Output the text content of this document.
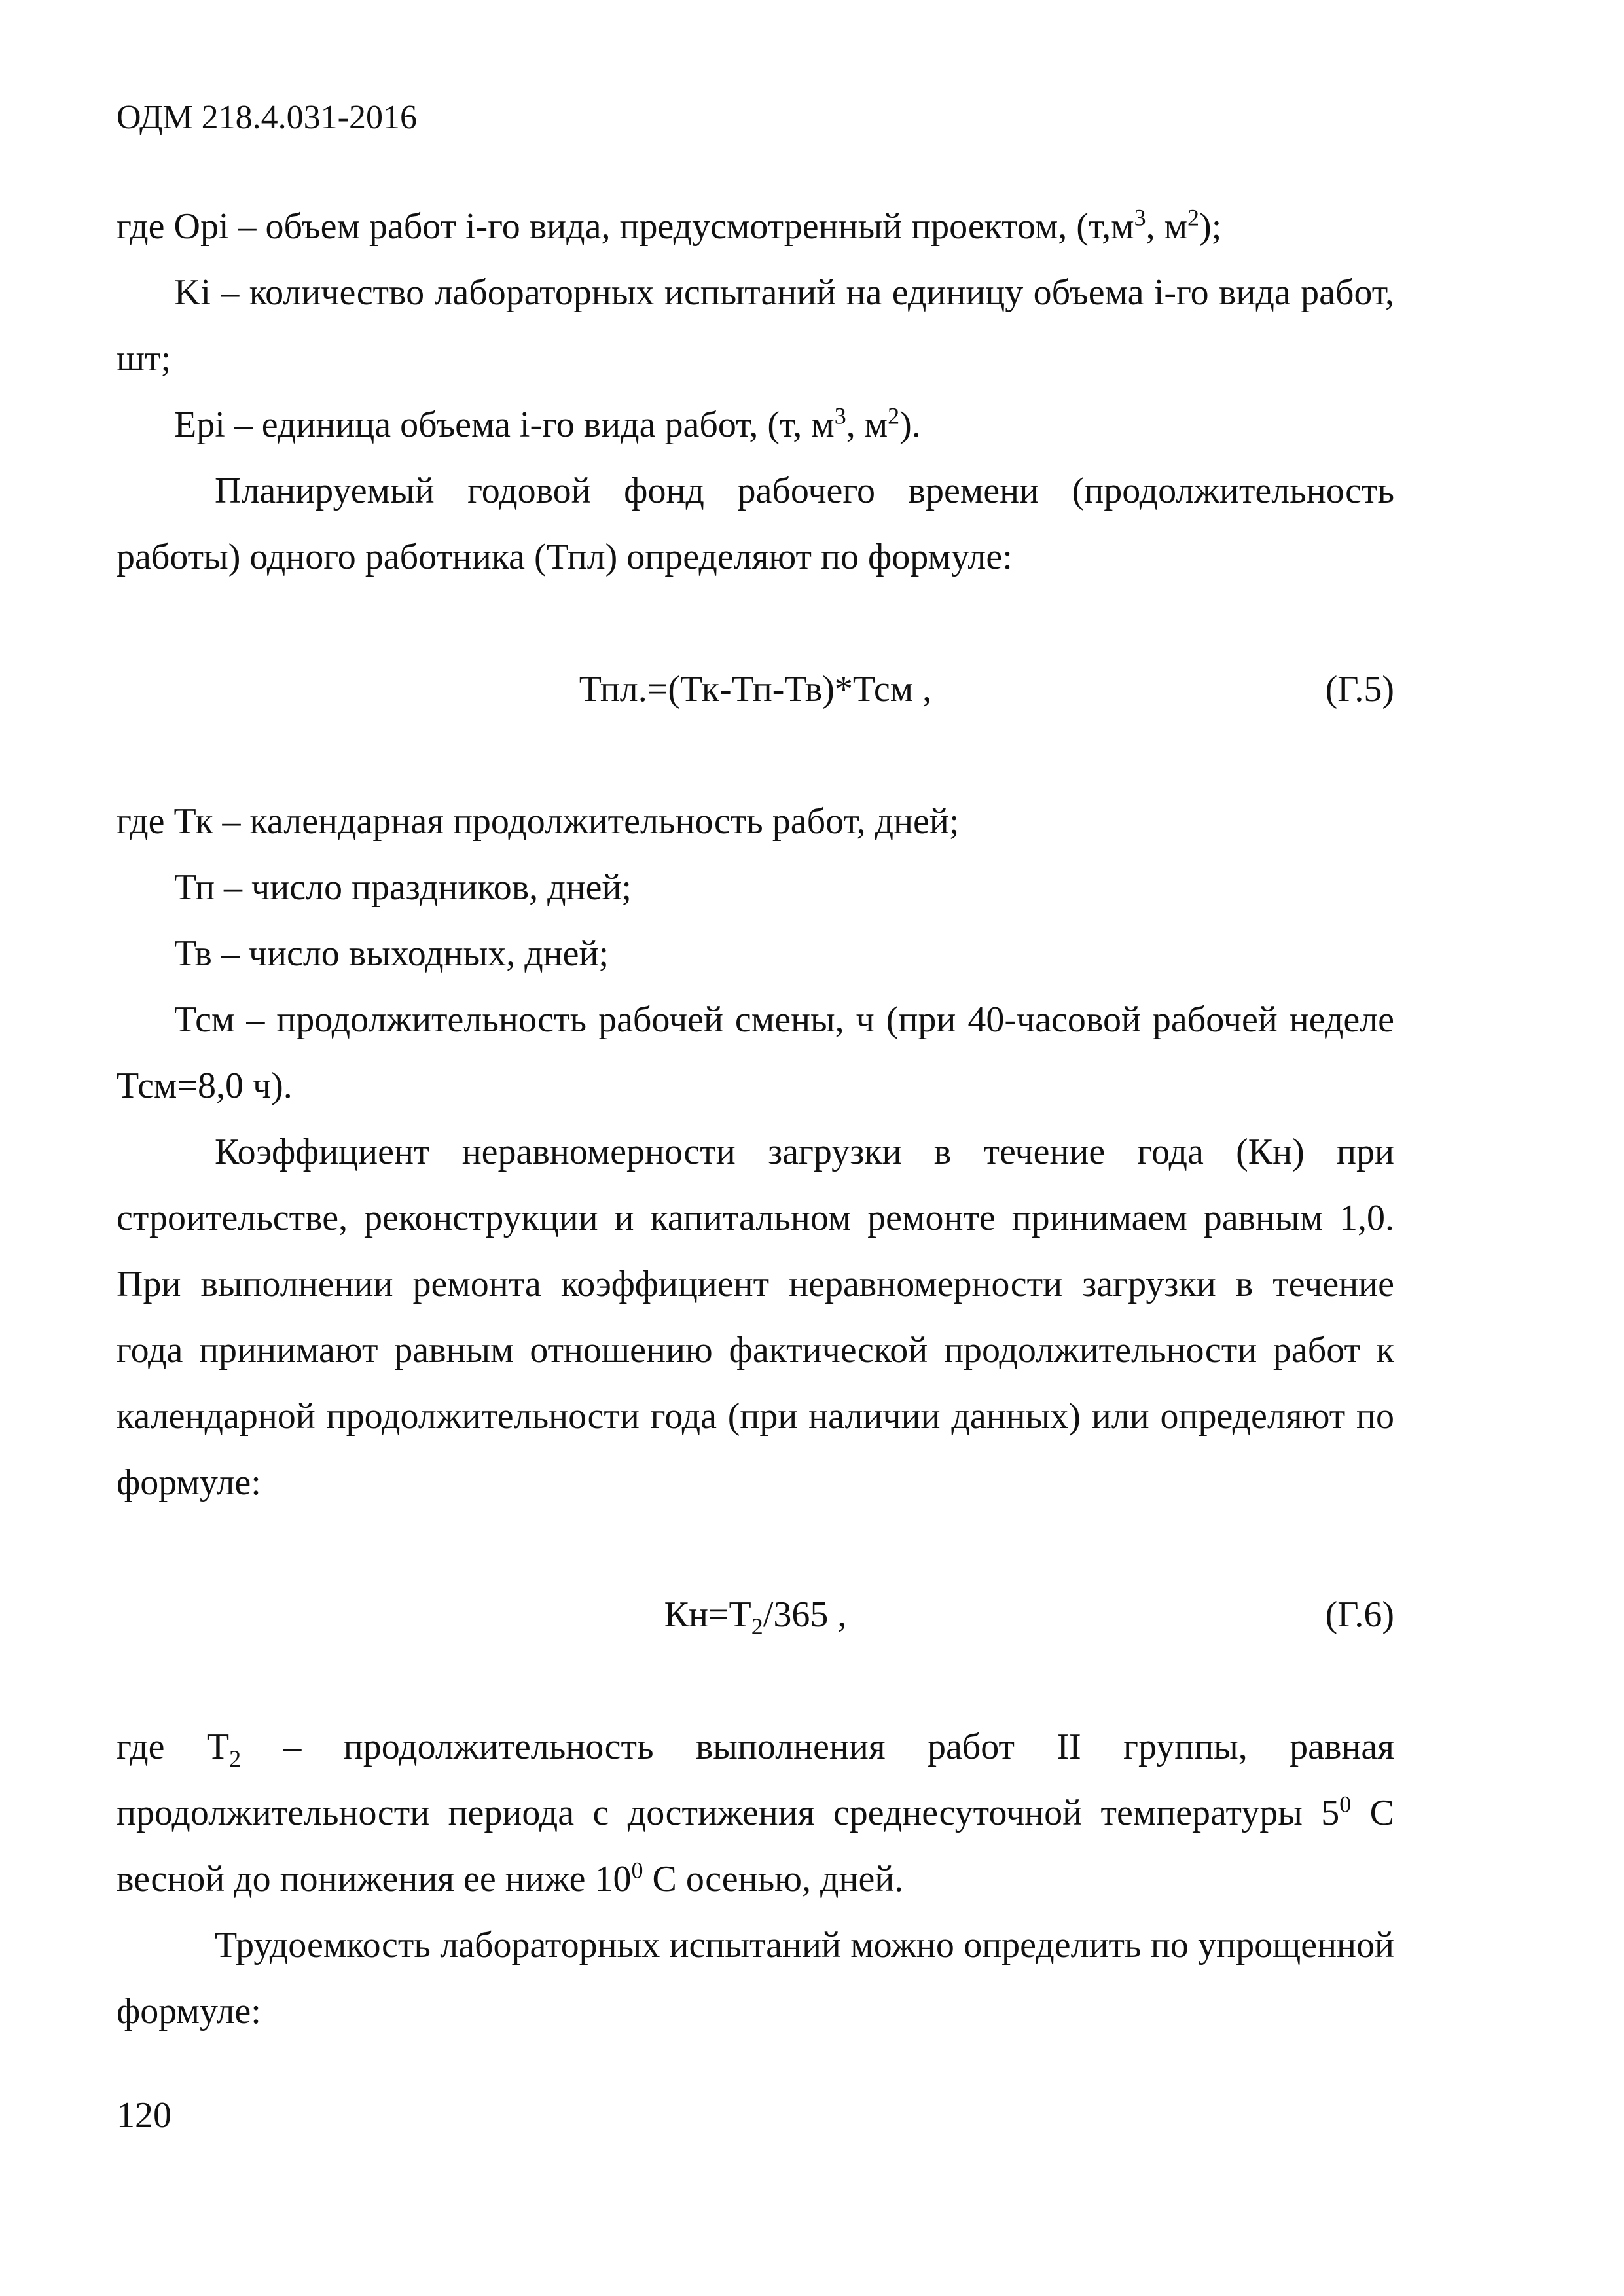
ОДМ 218.4.031-2016

где Орi – объем работ i-го вида, предусмотренный проектом, ($т,м^3$, $м^2$);

Ki – количество лабораторных испытаний на единицу объема i-го вида работ, шт;

Epi – единица объема i-го вида работ, (т, $м^3$, $м^2$).

Планируемый годовой фонд рабочего времени (продолжительность работы) одного работника (Тпл) определяют по формуле:

Тпл.=(Тк-Тп-Тв)*Тсм ,	(Г.5)

где Тк – календарная продолжительность работ, дней;

Тп – число праздников, дней;

Тв – число выходных, дней;

Тсм – продолжительность рабочей смены, ч (при 40-часовой рабочей неделе Тсм=8,0 ч).

Коэффициент неравномерности загрузки в течение года (Кн) при строительстве, реконструкции и капитальном ремонте принимаем равным 1,0. При выполнении ремонта коэффициент неравномерности загрузки в течение года принимают равным отношению фактической продолжительности работ к календарной продолжительности года (при наличии данных) или определяют по формуле:

$Кн=Т_2/365$ ,	(Г.6)

где $Т_2$ – продолжительность выполнения работ II группы, равная продолжительности периода с достижения среднесуточной температуры $5^0$ С весной до понижения ее ниже $10^0$ С осенью, дней.

Трудоемкость лабораторных испытаний можно определить по упрощенной формуле:

120
